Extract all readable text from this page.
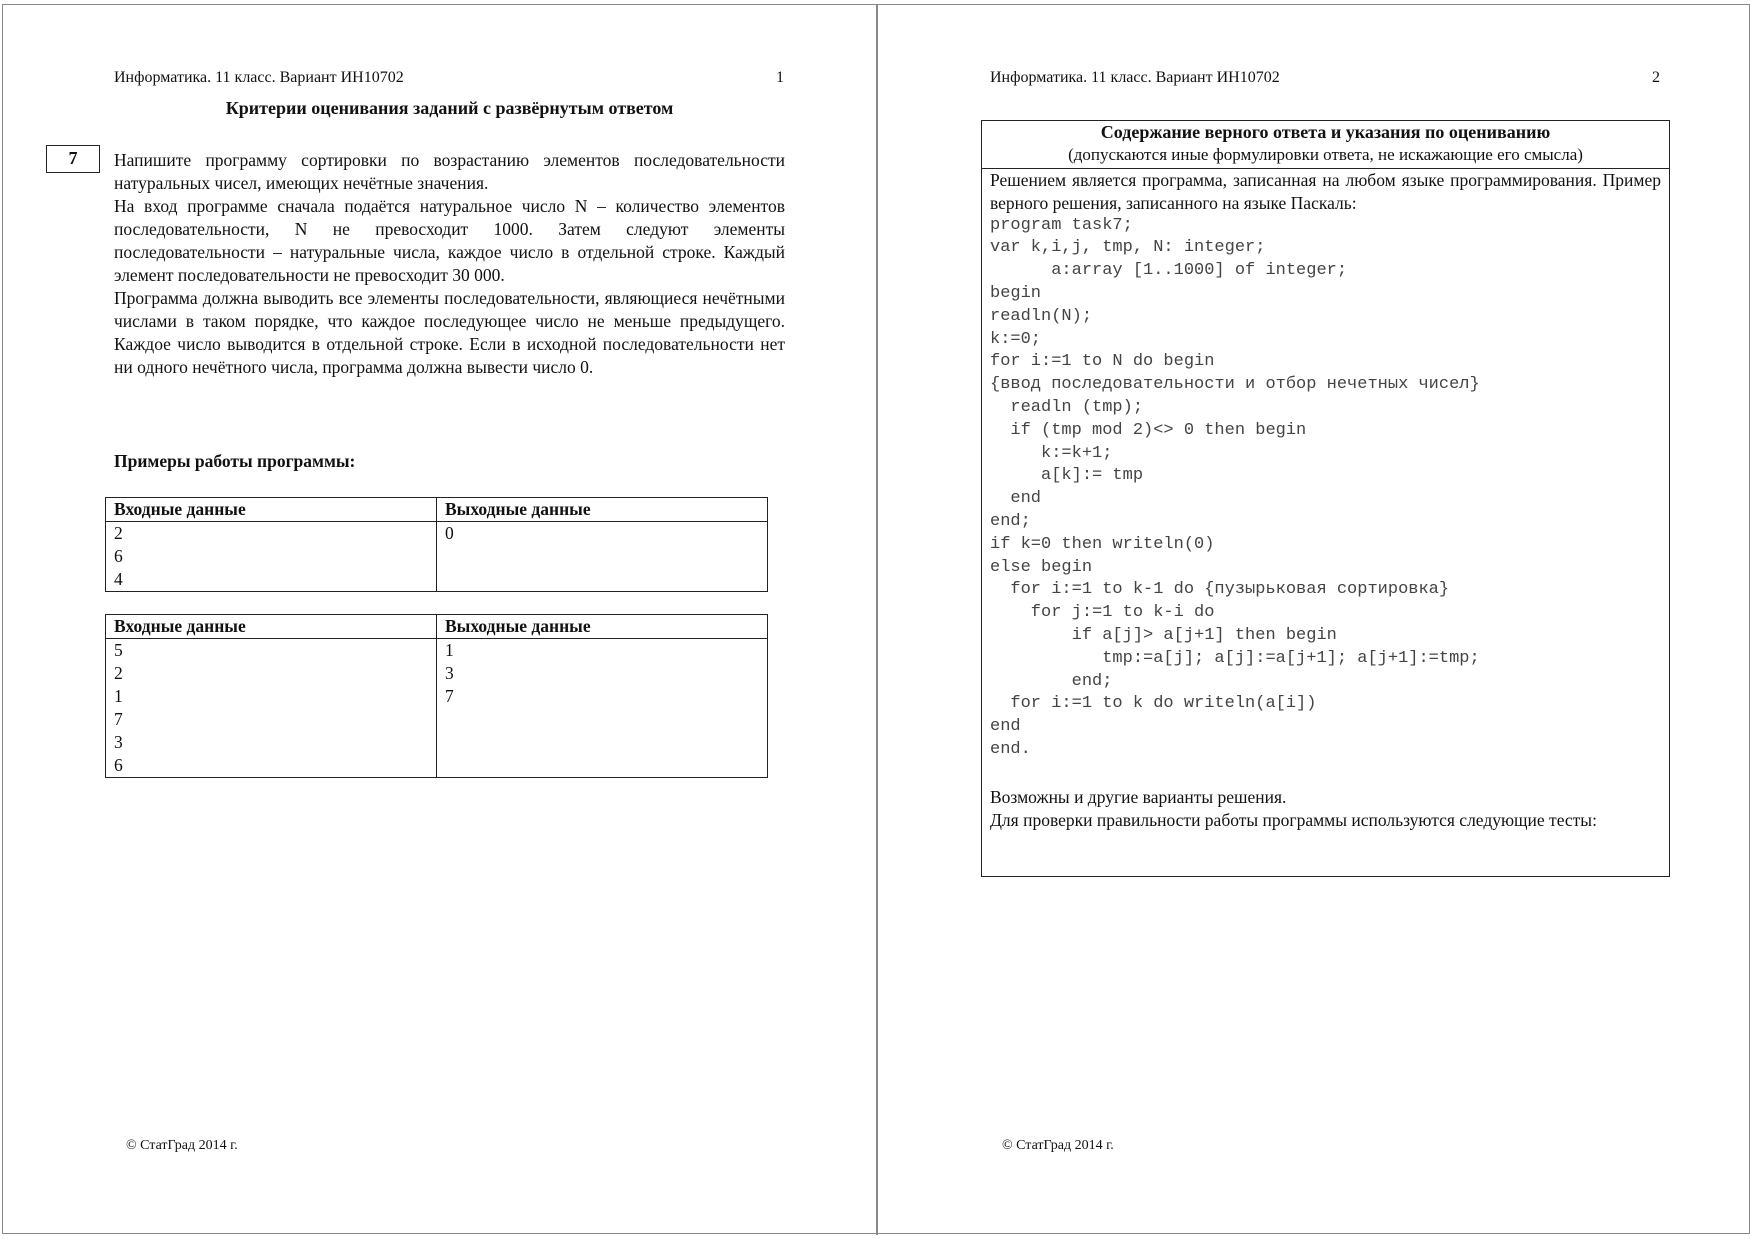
Информатика. 11 класс. Вариант ИН10702	1
Критерии оценивания заданий с развёрнутым ответом
7	Напишите программу сортировки по возрастанию элементов последовательности натуральных чисел, имеющих нечётные значения.

На вход программе сначала подаётся натуральное число N – количество элементов последовательности, N не превосходит 1000. Затем следуют элементы последовательности – натуральные числа, каждое число в отдельной строке. Каждый элемент последовательности не превосходит 30 000.

Программа должна выводить все элементы последовательности, являющиеся нечётными числами в таком порядке, что каждое последующее число не меньше предыдущего. Каждое число выводится в отдельной строке. Если в исходной последовательности нет ни одного нечётного числа, программа должна вывести число 0.

Примеры работы программы:
Входные данные	Выходные данные
2	0
6	
4	
Входные данные	Выходные данные
5	1
2	3
1	7
7	
3	
6	
© СтатГрад 2014 г.
Информатика. 11 класс. Вариант ИН10702	2
Содержание верного ответа и указания по оцениванию
(допускаются иные формулировки ответа, не искажающие его смысла)
Решением является программа, записанная на любом языке программирования. Пример верного решения, записанного на языке Паскаль:
program task7;
var k,i,j, tmp, N: integer;
a:array [1..1000] of integer;
begin
readln(N);
k:=0;
for i:=1 to N do begin
{ввод последовательности и отбор нечетных чисел}
readln (tmp);
if (tmp mod 2)<> 0 then begin
k:=k+1;
a[k]:= tmp
end
end;
if k=0 then writeln(0)
else begin
for i:=1 to k-1 do {пузырьковая сортировка}
for j:=1 to k-i do
if a[j]> a[j+1] then begin
tmp:=a[j]; a[j]:=a[j+1]; a[j+1]:=tmp;
end;
for i:=1 to k do writeln(a[i])
end
end.
Возможны и другие варианты решения.
Для проверки правильности работы программы используются следующие тесты:
© СтатГрад 2014 г.
